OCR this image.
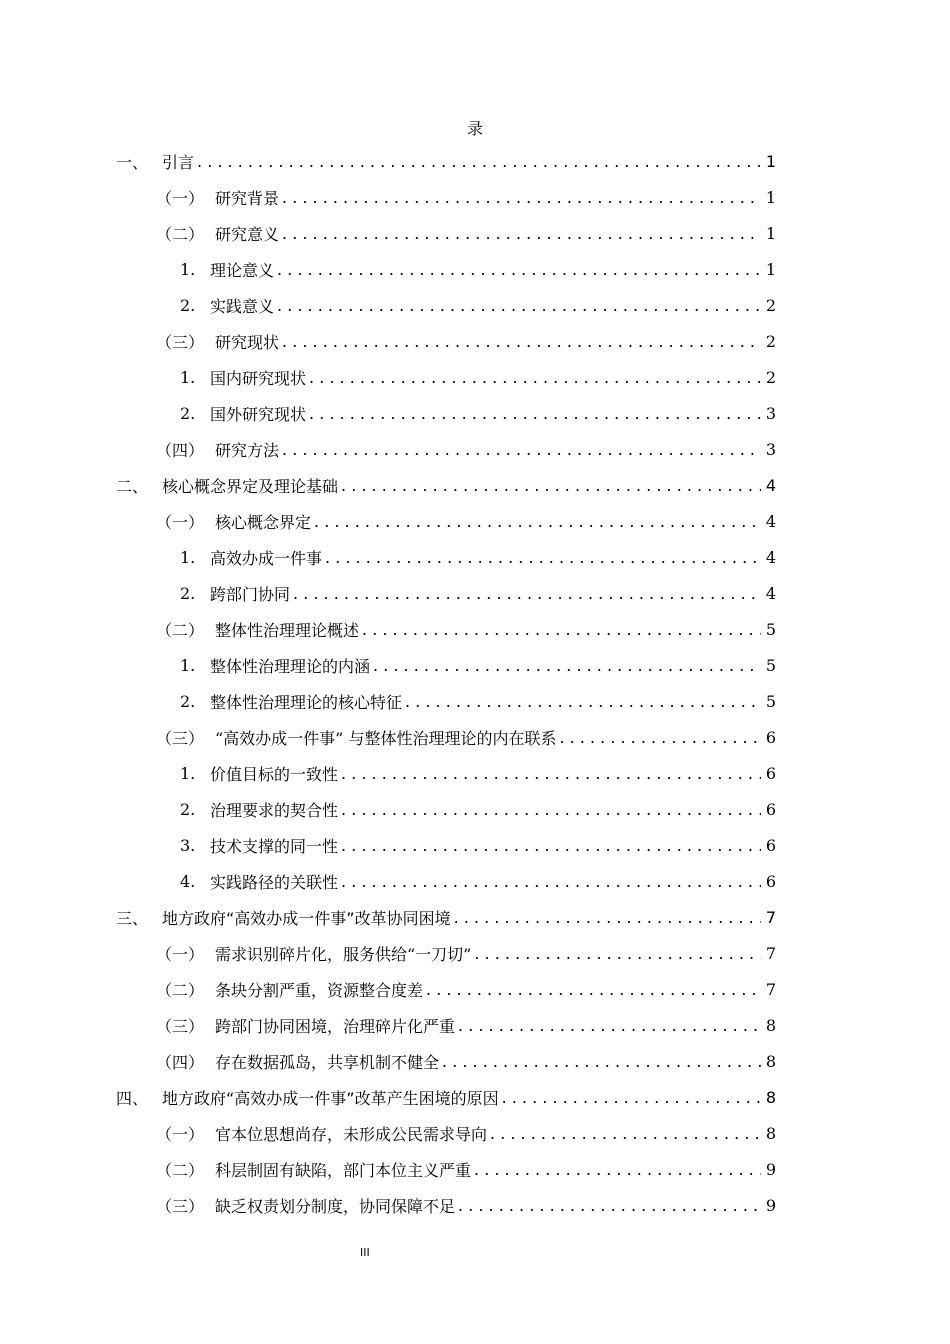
录
一、 引言 . . .	1
（一） 研究背景 . . .	1
（二） 研究意义 . . .	1
1. 理论意义 . . .	1
2. 实践意义 . . .	2
（三） 研究现状 . . .	2
1. 国内研究现状 . . .	2
2. 国外研究现状 . . .	3
（四） 研究方法 . . .	3
二、 核心概念界定及理论基础 . . .	4
（一） 核心概念界定 . . .	4
1. 高效办成一件事 . . .	4
2. 跨部门协同 . . .	4
（二） 整体性治理理论概述 . . .	5
1. 整体性治理理论的内涵 . . .	5
2. 整体性治理理论的核心特征 . . .	5
（三） “高效办成一件事” 与整体性治理理论的内在联系 . . .	6
1. 价值目标的一致性 . . .	6
2. 治理要求的契合性 . . .	6
3. 技术支撑的同一性 . . .	6
4. 实践路径的关联性 . . .	6
三、 地方政府“高效办成一件事”改革协同困境 . . .	7
（一） 需求识别碎片化，服务供给“一刀切” . . .	7
（二） 条块分割严重，资源整合度差 . . .	7
（三） 跨部门协同困境，治理碎片化严重 . . .	8
（四） 存在数据孤岛，共享机制不健全 . . .	8
四、 地方政府“高效办成一件事”改革产生困境的原因 . . .	8
（一） 官本位思想尚存，未形成公民需求导向 . . .	8
（二） 科层制固有缺陷，部门本位主义严重 . . .	9
（三） 缺乏权责划分制度，协同保障不足 . . .	9
III
